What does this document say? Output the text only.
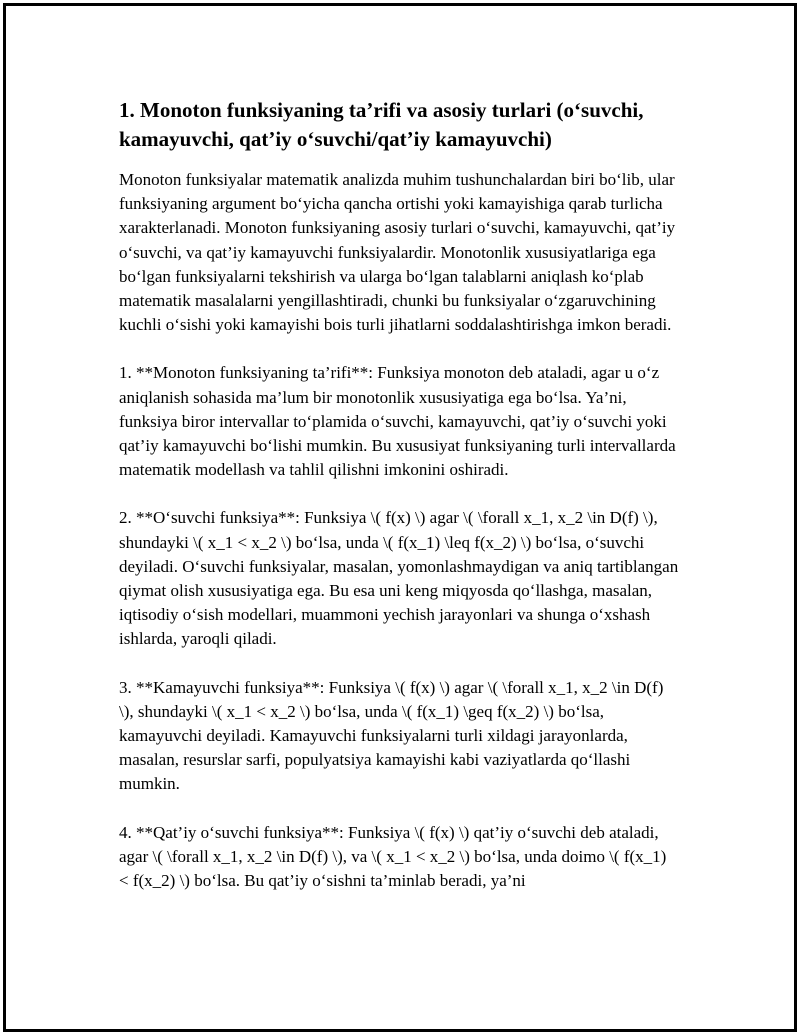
1. Monoton funksiyaning ta’rifi va asosiy turlari (o‘suvchi, kamayuvchi, qat’iy o‘suvchi/qat’iy kamayuvchi)

Monoton funksiyalar matematik analizda muhim tushunchalardan biri bo‘lib, ular funksiyaning argument bo‘yicha qancha ortishi yoki kamayishiga qarab turlicha xarakterlanadi. Monoton funksiyaning asosiy turlari o‘suvchi, kamayuvchi, qat’iy o‘suvchi, va qat’iy kamayuvchi funksiyalardir. Monotonlik xususiyatlariga ega bo‘lgan funksiyalarni tekshirish va ularga bo‘lgan talablarni aniqlash ko‘plab matematik masalalarni yengillashtiradi, chunki bu funksiyalar o‘zgaruvchining kuchli o‘sishi yoki kamayishi bois turli jihatlarni soddalashtirishga imkon beradi.

1. **Monoton funksiyaning ta’rifi**: Funksiya monoton deb ataladi, agar u o‘z aniqlanish sohasida ma’lum bir monotonlik xususiyatiga ega bo‘lsa. Ya’ni, funksiya biror intervallar to‘plamida o‘suvchi, kamayuvchi, qat’iy o‘suvchi yoki qat’iy kamayuvchi bo‘lishi mumkin. Bu xususiyat funksiyaning turli intervallarda matematik modellash va tahlil qilishni imkonini oshiradi.

2. **O‘suvchi funksiya**: Funksiya \( f(x) \) agar \( \forall x_1, x_2 \in D(f) \), shundayki \( x_1 < x_2 \) bo‘lsa, unda \( f(x_1) \leq f(x_2) \) bo‘lsa, o‘suvchi deyiladi. O‘suvchi funksiyalar, masalan, yomonlashmaydigan va aniq tartiblangan qiymat olish xususiyatiga ega. Bu esa uni keng miqyosda qo‘llashga, masalan, iqtisodiy o‘sish modellari, muammoni yechish jarayonlari va shunga o‘xshash ishlarda, yaroqli qiladi.

3. **Kamayuvchi funksiya**: Funksiya \( f(x) \) agar \( \forall x_1, x_2 \in D(f) \), shundayki \( x_1 < x_2 \) bo‘lsa, unda \( f(x_1) \geq f(x_2) \) bo‘lsa, kamayuvchi deyiladi. Kamayuvchi funksiyalarni turli xildagi jarayonlarda, masalan, resurslar sarfi, populyatsiya kamayishi kabi vaziyatlarda qo‘llashi mumkin.

4. **Qat’iy o‘suvchi funksiya**: Funksiya \( f(x) \) qat’iy o‘suvchi deb ataladi, agar \( \forall x_1, x_2 \in D(f) \), va \( x_1 < x_2 \) bo‘lsa, unda doimo \( f(x_1) < f(x_2) \) bo‘lsa. Bu qat’iy o‘sishni ta’minlab beradi, ya’ni
